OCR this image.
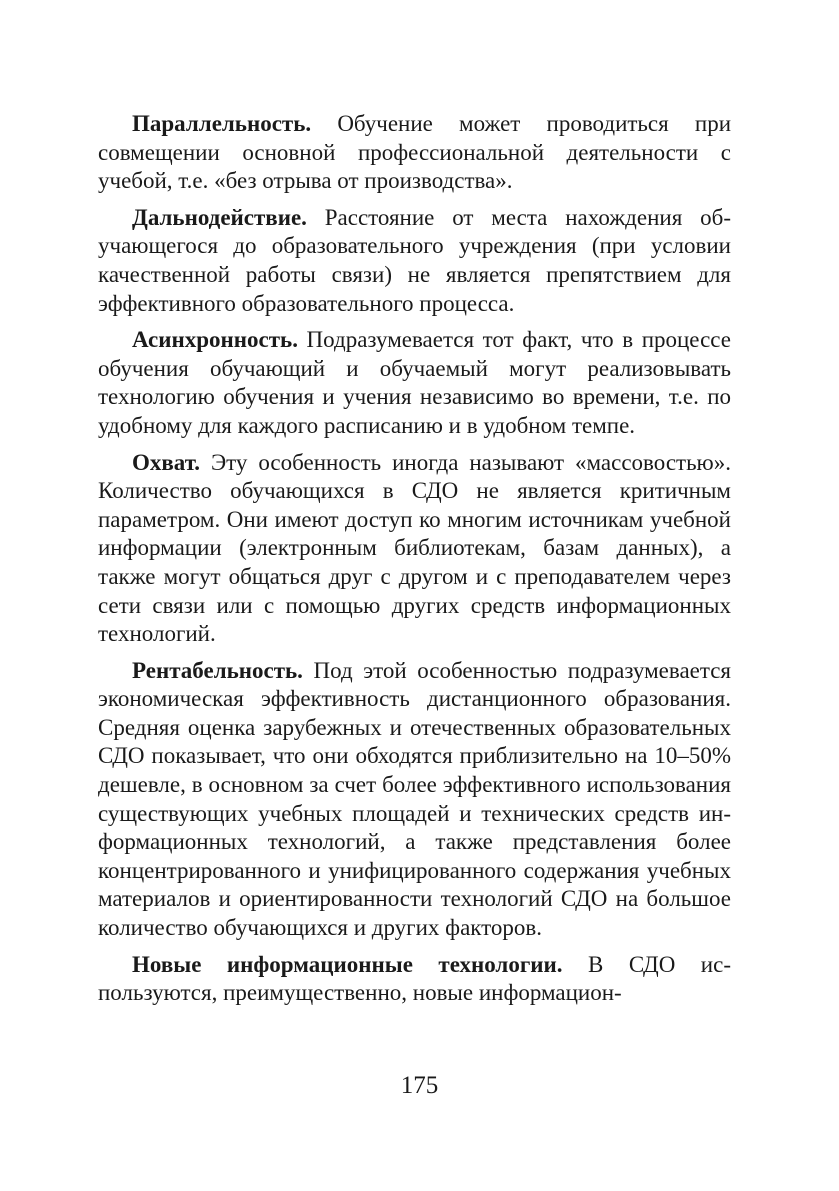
Параллельность. Обучение может проводиться при совмещении основной профессиональной деятельности с учебой, т.е. «без отрыва от производства».

Дальнодействие. Расстояние от места нахождения обучающегося до образовательного учреждения (при условии качественной работы связи) не является препятствием для эффективного образовательного процесса.

Асинхронность. Подразумевается тот факт, что в процессе обучения обучающий и обучаемый могут реализовывать технологию обучения и учения независимо во времени, т.е. по удобному для каждого расписанию и в удобном темпе.

Охват. Эту особенность иногда называют «массовостью». Количество обучающихся в СДО не является критичным параметром. Они имеют доступ ко многим источникам учебной информации (электронным библиотекам, базам данных), а также могут общаться друг с другом и с преподавателем через сети связи или с помощью других средств информационных технологий.

Рентабельность. Под этой особенностью подразумевается экономическая эффективность дистанционного образования. Средняя оценка зарубежных и отечественных образовательных СДО показывает, что они обходятся приблизительно на 10–50% дешевле, в основном за счет более эффективного использования существующих учебных площадей и технических средств информационных технологий, а также представления более концентрированного и унифицированного содержания учебных материалов и ориентированности технологий СДО на большое количество обучающихся и других факторов.

Новые информационные технологии. В СДО используются, преимущественно, новые информацион-

175
